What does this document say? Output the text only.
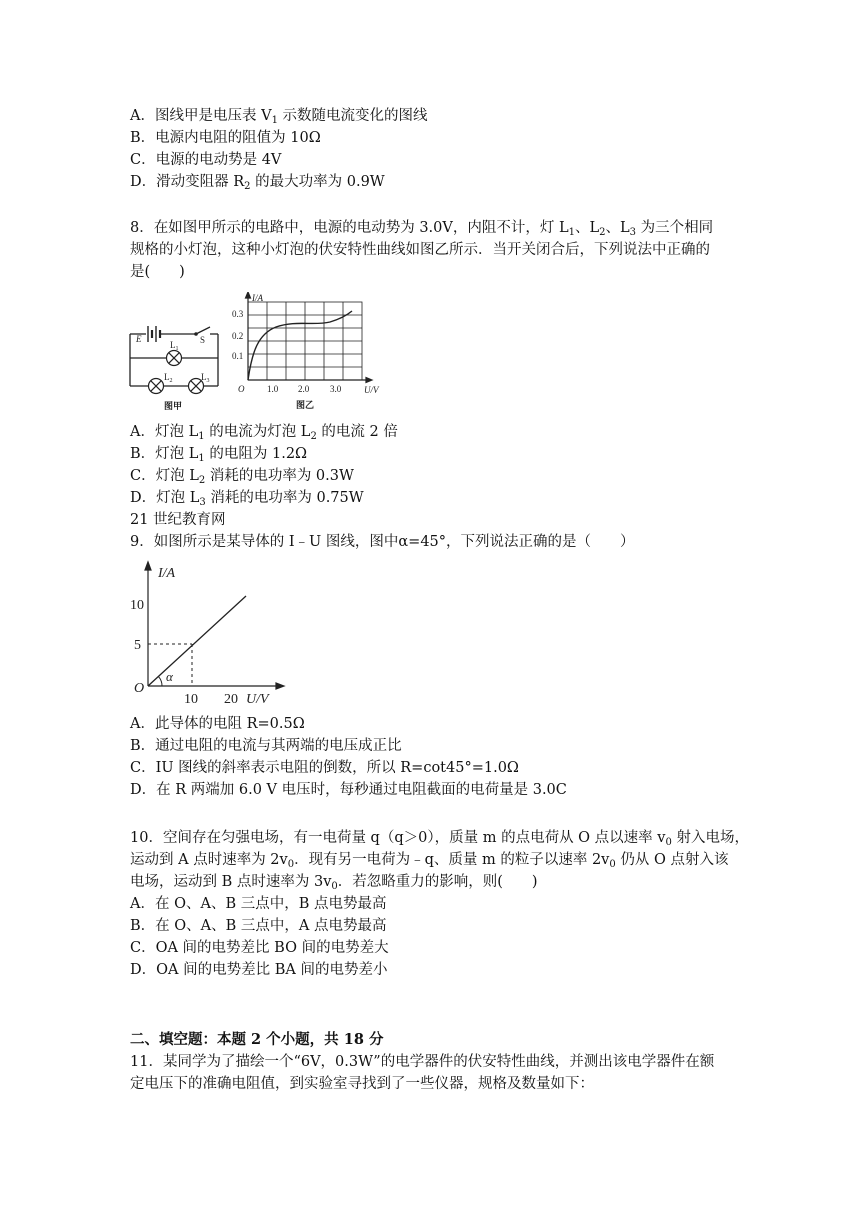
A．图线甲是电压表 $V_1$ 示数随电流变化的图线
B．电源内电阻的阻值为 10Ω
C．电源的电动势是 4V
D．滑动变阻器 $R_2$ 的最大功率为 0.9W
8．在如图甲所示的电路中，电源的电动势为 3.0V，内阻不计，灯 $L_1$、$L_2$、$L_3$ 为三个相同
规格的小灯泡，这种小灯泡的伏安特性曲线如图乙所示．当开关闭合后，下列说法中正确的
是(　　)
E	S
$L_1$
$L_2$	$L_3$
图甲
0.3
0.2
0.1
O	1.0 2.0 3.0
I/A
U/V
图乙
A．灯泡 $L_1$ 的电流为灯泡 $L_2$ 的电流 2 倍
B．灯泡 $L_1$ 的电阻为 1.2Ω
C．灯泡 $L_2$ 消耗的电功率为 0.3W
D．灯泡 $L_3$ 消耗的电功率为 0.75W
21 世纪教育网
9．如图所示是某导体的 I﹣U 图线，图中α=45°，下列说法正确的是（　　）
I/A
10
5
O
α
10 20 U/V
A．此导体的电阻 R=0.5Ω
B．通过电阻的电流与其两端的电压成正比
C．IU 图线的斜率表示电阻的倒数，所以 R=cot45°=1.0Ω
D．在 R 两端加 6.0 V 电压时，每秒通过电阻截面的电荷量是 3.0C
10．空间存在匀强电场，有一电荷量 q（q＞0），质量 m 的点电荷从 O 点以速率 $v_0$ 射入电场，
运动到 A 点时速率为 $2v_0$．现有另一电荷为﹣q、质量 m 的粒子以速率 $2v_0$ 仍从 O 点射入该
电场，运动到 B 点时速率为 $3v_0$．若忽略重力的影响，则(　　)
A．在 O、A、B 三点中，B 点电势最高
B．在 O、A、B 三点中，A 点电势最高
C．OA 间的电势差比 BO 间的电势差大
D．OA 间的电势差比 BA 间的电势差小
二、填空题：本题 2 个小题，共 18 分
11．某同学为了描绘一个“6V，0.3W”的电学器件的伏安特性曲线，并测出该电学器件在额
定电压下的准确电阻值，到实验室寻找到了一些仪器，规格及数量如下：
